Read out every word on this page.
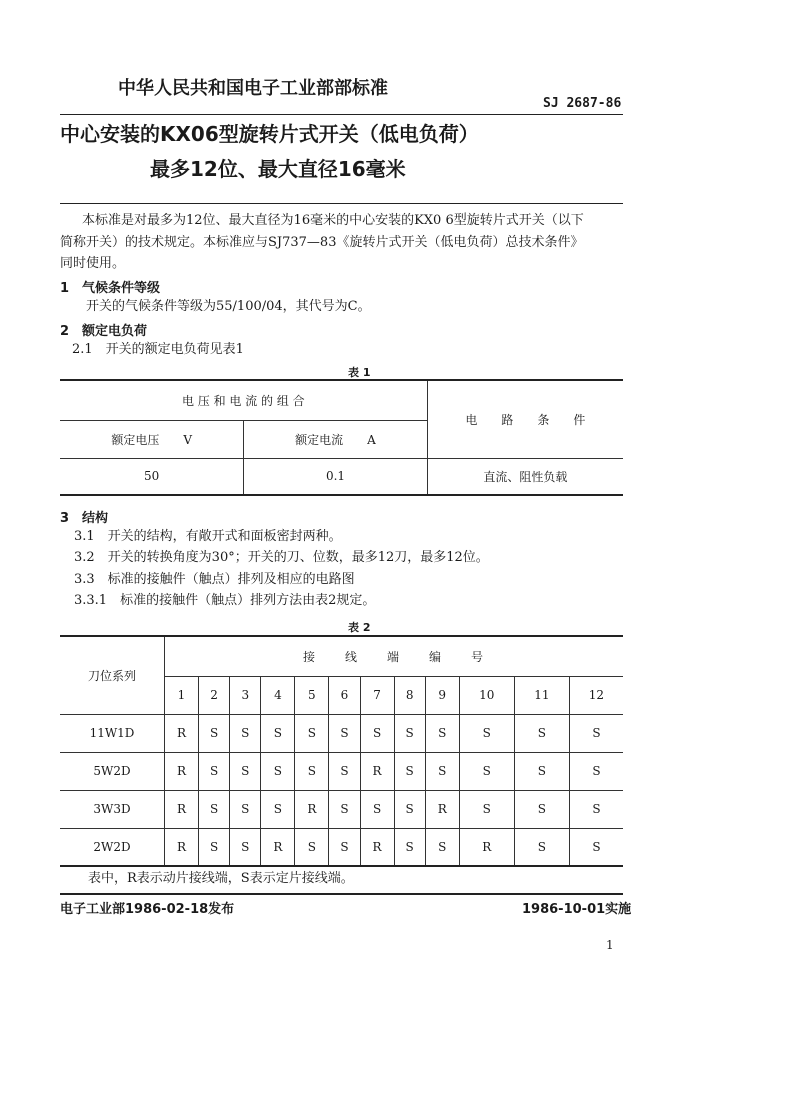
中华人民共和国电子工业部部标准
SJ 2687-86
中心安装的KX06型旋转片式开关（低电负荷）
最多12位、最大直径16毫米
本标准是对最多为12位、最大直径为16毫米的中心安装的KX0 6型旋转片式开关（以下
简称开关）的技术规定。本标准应与SJ737—83《旋转片式开关（低电负荷）总技术条件》
同时使用。
1　气候条件等级
开关的气候条件等级为55/100/04，其代号为C。
2　额定电负荷
2.1　开关的额定电负荷见表1
表 1
电 压 和 电 流 的 组 合		电　　路　　条　　件
额定电压　　V	额定电流　　A	
50	0.1	直流、阻性负载
3　结构
3.1　开关的结构，有敞开式和面板密封两种。
3.2　开关的转换角度为30°；开关的刀、位数，最多12刀，最多12位。
3.3　标准的接触件（触点）排列及相应的电路图
3.3.1　标准的接触件（触点）排列方法由表2规定。
表 2
刀位系列	接　　线　　端　　编　　号											
	1	2	3	4	5	6	7	8	9	10	11	12
11W1D	R	S	S	S	S	S	S	S	S	S	S	S
5W2D	R	S	S	S	S	S	R	S	S	S	S	S
3W3D	R	S	S	S	R	S	S	S	R	S	S	S
2W2D	R	S	S	R	S	S	R	S	S	R	S	S
表中，R表示动片接线端，S表示定片接线端。
电子工业部1986-02-18发布	1986-10-01实施
1
